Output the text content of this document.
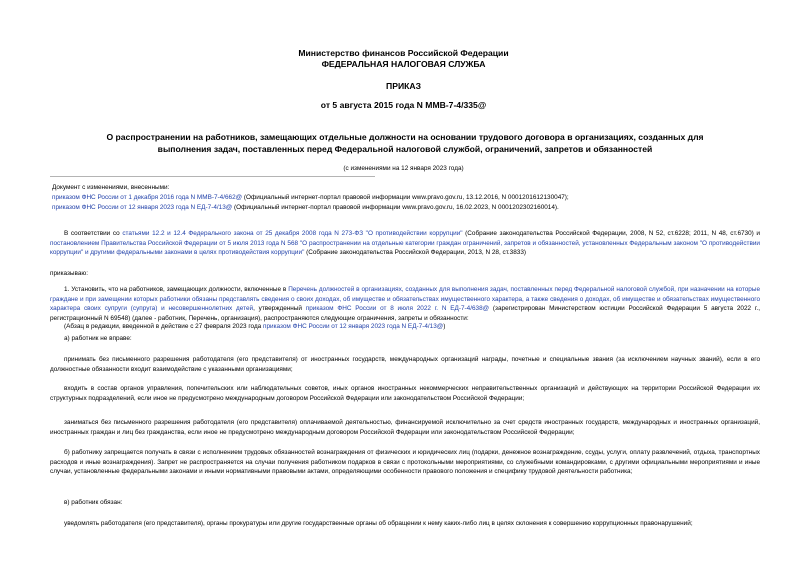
Министерство финансов Российской Федерации
ФЕДЕРАЛЬНАЯ НАЛОГОВАЯ СЛУЖБА
ПРИКАЗ
от 5 августа 2015 года N ММВ-7-4/335@
О распространении на работников, замещающих отдельные должности на основании трудового договора в организациях, созданных для выполнения задач, поставленных перед Федеральной налоговой службой, ограничений, запретов и обязанностей
(с изменениями на 12 января 2023 года)
Документ с изменениями, внесенными:
приказом ФНС России от 1 декабря 2016 года N ММВ-7-4/662@ (Официальный интернет-портал правовой информации www.pravo.gov.ru, 13.12.2016, N 0001201612130047);
приказом ФНС России от 12 января 2023 года N ЕД-7-4/13@ (Официальный интернет-портал правовой информации www.pravo.gov.ru, 16.02.2023, N 0001202302160014).
В соответствии со статьями 12.2 и 12.4 Федерального закона от 25 декабря 2008 года N 273-ФЗ "О противодействии коррупции" (Собрание законодательства Российской Федерации, 2008, N 52, ст.6228; 2011, N 48, ст.6730) и постановлением Правительства Российской Федерации от 5 июля 2013 года N 568 "О распространении на отдельные категории граждан ограничений, запретов и обязанностей, установленных Федеральным законом "О противодействии коррупции" и другими федеральными законами в целях противодействия коррупции" (Собрание законодательства Российской Федерации, 2013, N 28, ст.3833)
приказываю:
1. Установить, что на работников, замещающих должности, включенные в Перечень должностей в организациях, созданных для выполнения задач, поставленных перед Федеральной налоговой службой, при назначении на которые граждане и при замещении которых работники обязаны представлять сведения о своих доходах, об имуществе и обязательствах имущественного характера, а также сведения о доходах, об имуществе и обязательствах имущественного характера своих супруги (супруга) и несовершеннолетних детей, утвержденный приказом ФНС России от 8 июля 2022 г. N ЕД-7-4/638@ (зарегистрирован Министерством юстиции Российской Федерации 5 августа 2022 г., регистрационный N 69548) (далее - работник, Перечень, организация), распространяются следующие ограничения, запреты и обязанности:
(Абзац в редакции, введенной в действие с 27 февраля 2023 года приказом ФНС России от 12 января 2023 года N ЕД-7-4/13@)
а) работник не вправе:
принимать без письменного разрешения работодателя (его представителя) от иностранных государств, международных организаций награды, почетные и специальные звания (за исключением научных званий), если в его должностные обязанности входит взаимодействие с указанными организациями;
входить в состав органов управления, попечительских или наблюдательных советов, иных органов иностранных некоммерческих неправительственных организаций и действующих на территории Российской Федерации их структурных подразделений, если иное не предусмотрено международным договором Российской Федерации или законодательством Российской Федерации;
заниматься без письменного разрешения работодателя (его представителя) оплачиваемой деятельностью, финансируемой исключительно за счет средств иностранных государств, международных и иностранных организаций, иностранных граждан и лиц без гражданства, если иное не предусмотрено международным договором Российской Федерации или законодательством Российской Федерации;
б) работнику запрещается получать в связи с исполнением трудовых обязанностей вознаграждения от физических и юридических лиц (подарки, денежное вознаграждение, ссуды, услуги, оплату развлечений, отдыха, транспортных расходов и иные вознаграждения). Запрет не распространяется на случаи получения работником подарков в связи с протокольными мероприятиями, со служебными командировками, с другими официальными мероприятиями и иные случаи, установленные федеральными законами и иными нормативными правовыми актами, определяющими особенности правового положения и специфику трудовой деятельности работника;
в) работник обязан:
уведомлять работодателя (его представителя), органы прокуратуры или другие государственные органы об обращении к нему каких-либо лиц в целях склонения к совершению коррупционных правонарушений;
